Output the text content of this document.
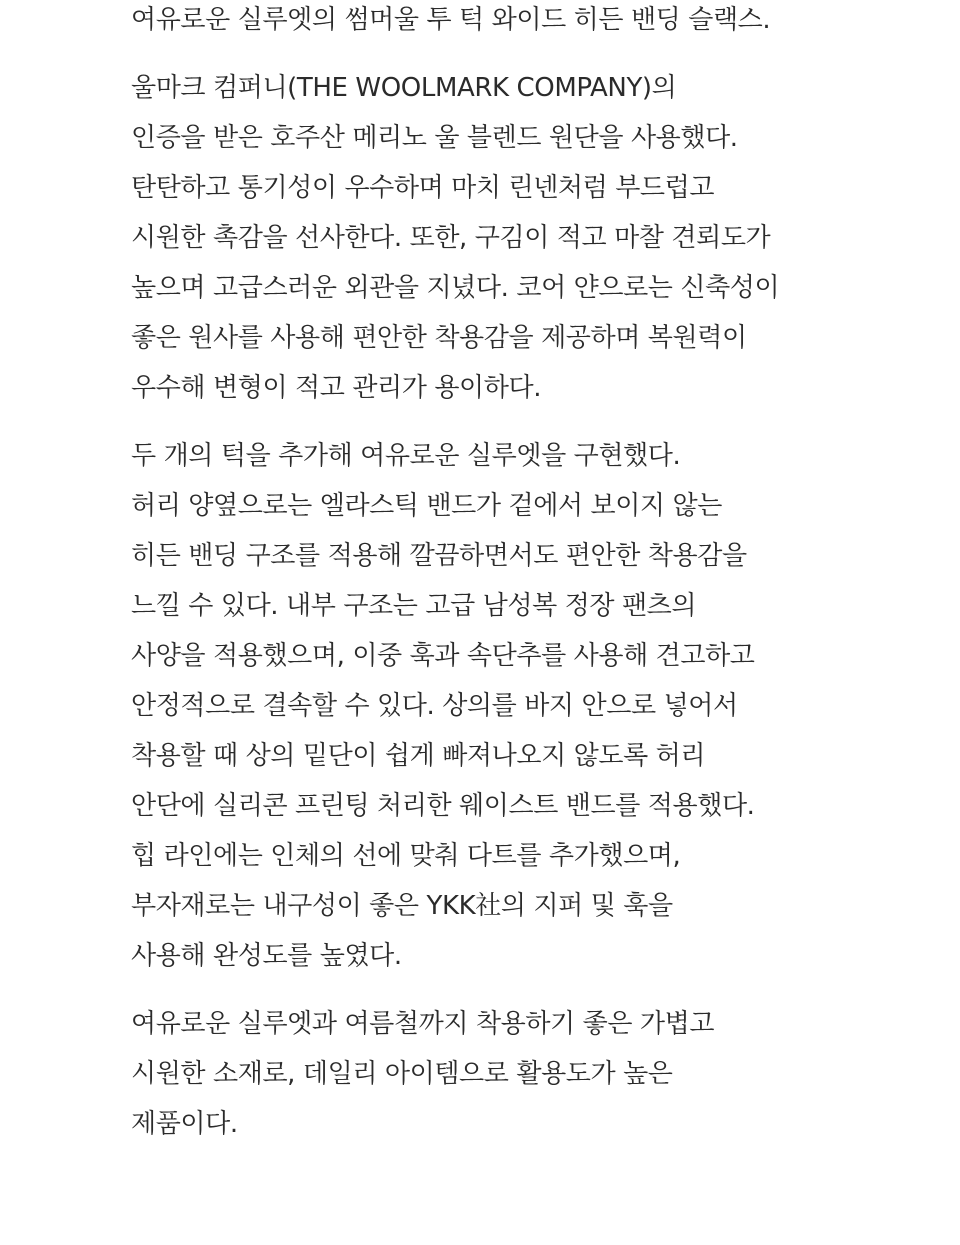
여유로운 실루엣의 썸머울 투 턱 와이드 히든 밴딩 슬랙스.
울마크 컴퍼니(THE WOOLMARK COMPANY)의
인증을 받은 호주산 메리노 울 블렌드 원단을 사용했다.
탄탄하고 통기성이 우수하며 마치 린넨처럼 부드럽고
시원한 촉감을 선사한다. 또한, 구김이 적고 마찰 견뢰도가
높으며 고급스러운 외관을 지녔다. 코어 얀으로는 신축성이
좋은 원사를 사용해 편안한 착용감을 제공하며 복원력이
우수해 변형이 적고 관리가 용이하다.
두 개의 턱을 추가해 여유로운 실루엣을 구현했다.
허리 양옆으로는 엘라스틱 밴드가 겉에서 보이지 않는
히든 밴딩 구조를 적용해 깔끔하면서도 편안한 착용감을
느낄 수 있다. 내부 구조는 고급 남성복 정장 팬츠의
사양을 적용했으며, 이중 훅과 속단추를 사용해 견고하고
안정적으로 결속할 수 있다. 상의를 바지 안으로 넣어서
착용할 때 상의 밑단이 쉽게 빠져나오지 않도록 허리
안단에 실리콘 프린팅 처리한 웨이스트 밴드를 적용했다.
힙 라인에는 인체의 선에 맞춰 다트를 추가했으며,
부자재로는 내구성이 좋은 YKK社의 지퍼 및 훅을
사용해 완성도를 높였다.
여유로운 실루엣과 여름철까지 착용하기 좋은 가볍고
시원한 소재로, 데일리 아이템으로 활용도가 높은
제품이다.
